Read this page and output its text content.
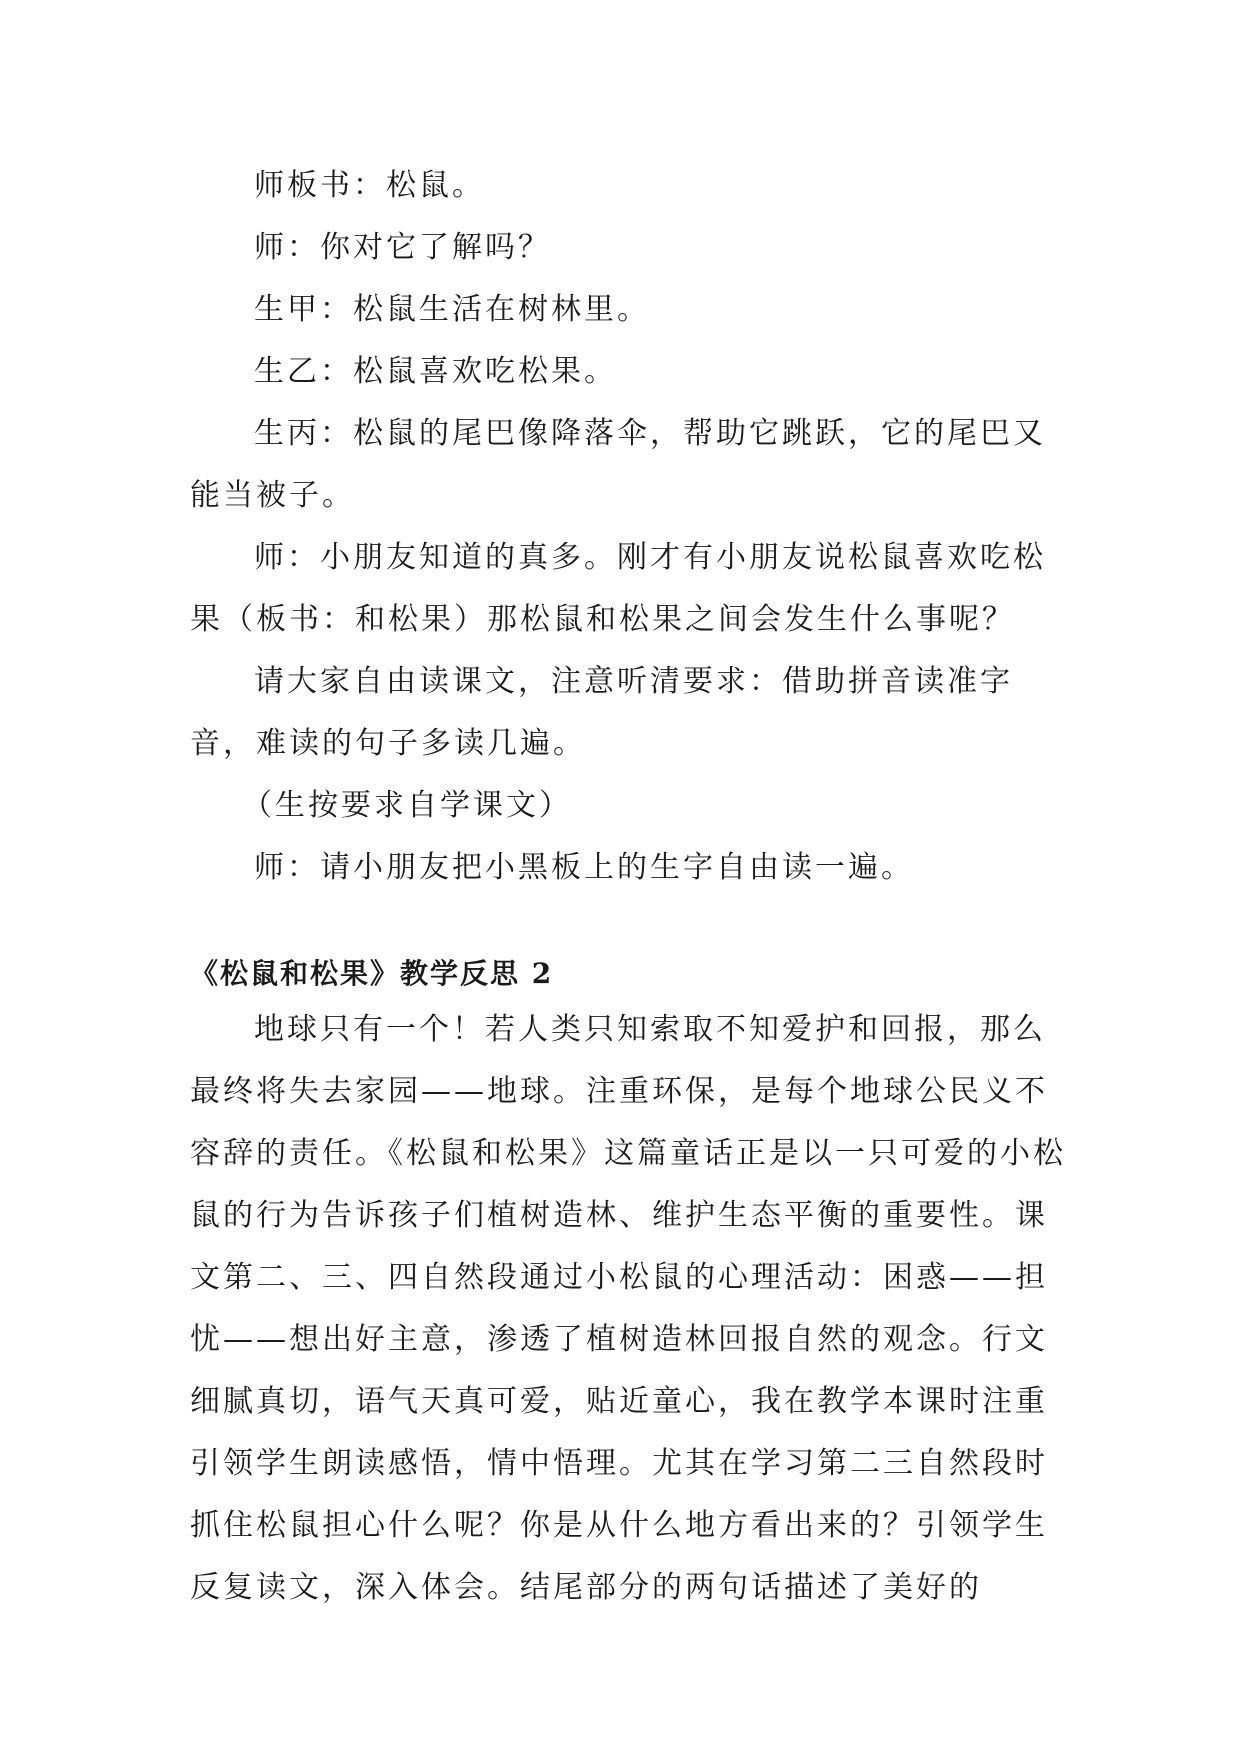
师板书：松鼠。

师：你对它了解吗？

生甲：松鼠生活在树林里。

生乙：松鼠喜欢吃松果。

生丙：松鼠的尾巴像降落伞，帮助它跳跃，它的尾巴又能当被子。

师：小朋友知道的真多。刚才有小朋友说松鼠喜欢吃松果（板书：和松果）那松鼠和松果之间会发生什么事呢？

请大家自由读课文，注意听清要求：借助拼音读准字音，难读的句子多读几遍。

（生按要求自学课文）

师：请小朋友把小黑板上的生字自由读一遍。

《松鼠和松果》教学反思 2

地球只有一个！若人类只知索取不知爱护和回报，那么最终将失去家园——地球。注重环保，是每个地球公民义不容辞的责任。《松鼠和松果》这篇童话正是以一只可爱的小松鼠的行为告诉孩子们植树造林、维护生态平衡的重要性。课文第二、三、四自然段通过小松鼠的心理活动：困惑——担忧——想出好主意，渗透了植树造林回报自然的观念。行文细腻真切，语气天真可爱，贴近童心，我在教学本课时注重引领学生朗读感悟，情中悟理。尤其在学习第二三自然段时抓住松鼠担心什么呢？你是从什么地方看出来的？引领学生反复读文，深入体会。结尾部分的两句话描述了美好的
